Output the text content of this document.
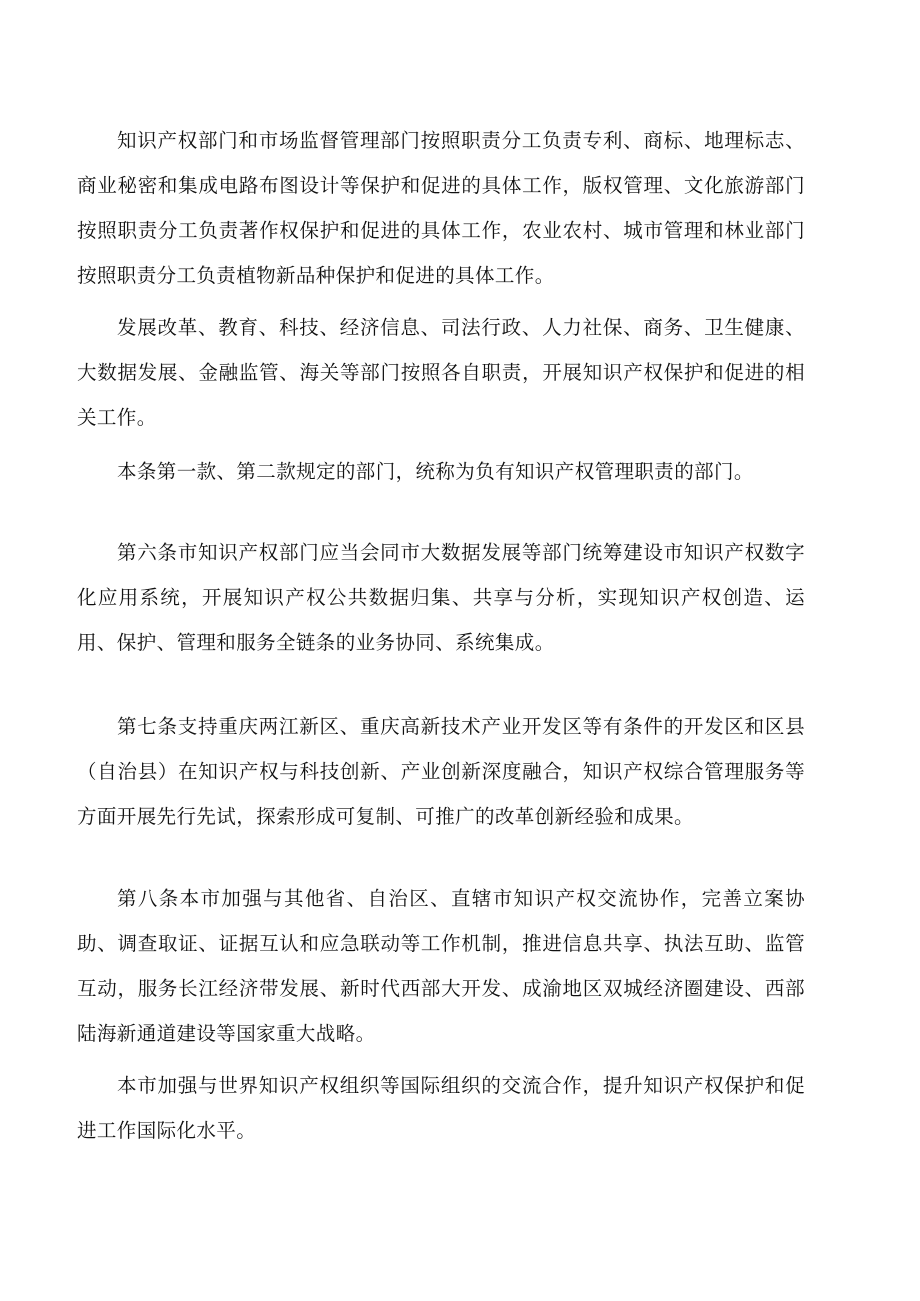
知识产权部门和市场监督管理部门按照职责分工负责专利、商标、地理标志、商业秘密和集成电路布图设计等保护和促进的具体工作，版权管理、文化旅游部门按照职责分工负责著作权保护和促进的具体工作，农业农村、城市管理和林业部门按照职责分工负责植物新品种保护和促进的具体工作。

发展改革、教育、科技、经济信息、司法行政、人力社保、商务、卫生健康、大数据发展、金融监管、海关等部门按照各自职责，开展知识产权保护和促进的相关工作。

本条第一款、第二款规定的部门，统称为负有知识产权管理职责的部门。

第六条市知识产权部门应当会同市大数据发展等部门统筹建设市知识产权数字化应用系统，开展知识产权公共数据归集、共享与分析，实现知识产权创造、运用、保护、管理和服务全链条的业务协同、系统集成。

第七条支持重庆两江新区、重庆高新技术产业开发区等有条件的开发区和区县（自治县）在知识产权与科技创新、产业创新深度融合，知识产权综合管理服务等方面开展先行先试，探索形成可复制、可推广的改革创新经验和成果。

第八条本市加强与其他省、自治区、直辖市知识产权交流协作，完善立案协助、调查取证、证据互认和应急联动等工作机制，推进信息共享、执法互助、监管互动，服务长江经济带发展、新时代西部大开发、成渝地区双城经济圈建设、西部陆海新通道建设等国家重大战略。

本市加强与世界知识产权组织等国际组织的交流合作，提升知识产权保护和促进工作国际化水平。
